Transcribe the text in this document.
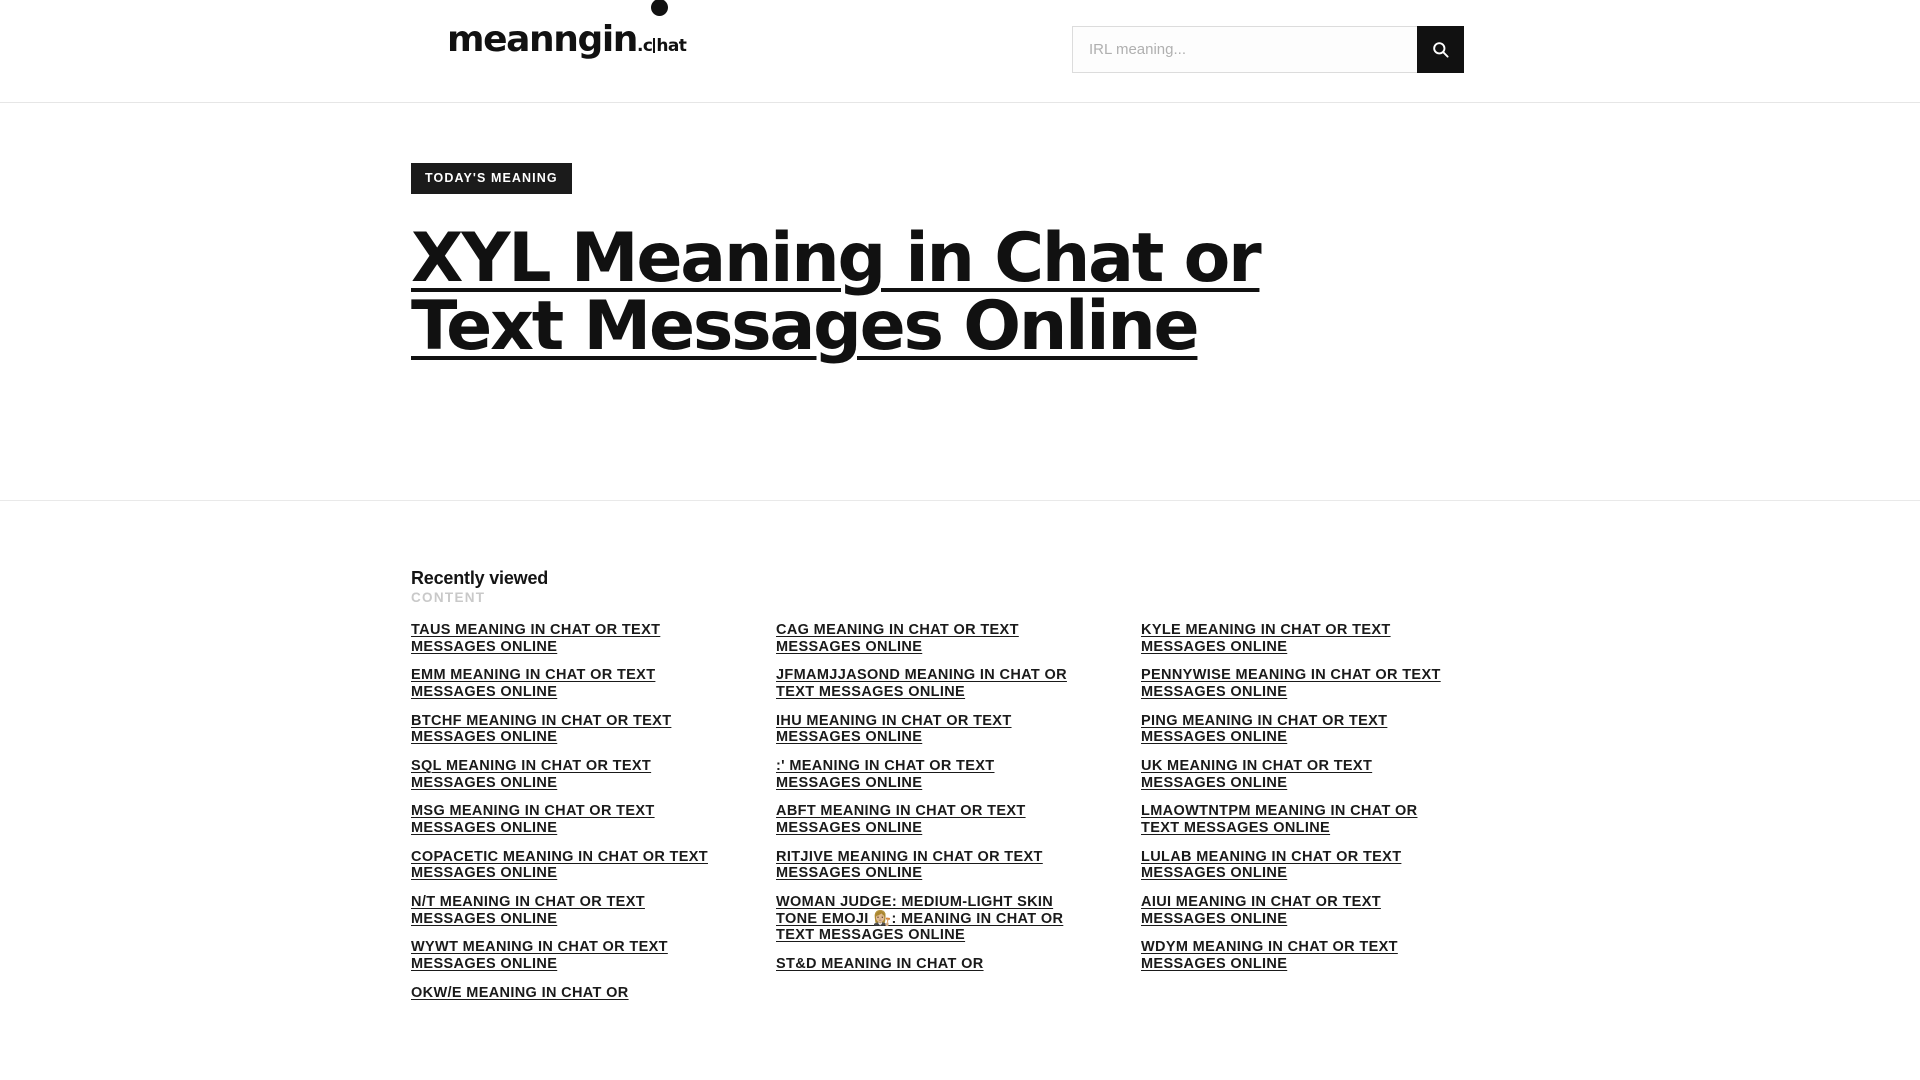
mean
ngin .c hat
IRL meaning...
TODAY'S MEANING
XYL Meaning in Chat or Text Messages Online
Recently viewed
CONTENT
TAUS MEANING IN CHAT OR TEXT MESSAGES ONLINE
EMM MEANING IN CHAT OR TEXT MESSAGES ONLINE
BTCHF MEANING IN CHAT OR TEXT MESSAGES ONLINE
SQL MEANING IN CHAT OR TEXT MESSAGES ONLINE
MSG MEANING IN CHAT OR TEXT MESSAGES ONLINE
COPACETIC MEANING IN CHAT OR TEXT MESSAGES ONLINE
N/T MEANING IN CHAT OR TEXT MESSAGES ONLINE
WYWT MEANING IN CHAT OR TEXT MESSAGES ONLINE
OKW/E MEANING IN CHAT OR
CAG MEANING IN CHAT OR TEXT MESSAGES ONLINE
JFMAMJJASOND MEANING IN CHAT OR TEXT MESSAGES ONLINE
IHU MEANING IN CHAT OR TEXT MESSAGES ONLINE
:' MEANING IN CHAT OR TEXT MESSAGES ONLINE
ABFT MEANING IN CHAT OR TEXT MESSAGES ONLINE
RITJIVE MEANING IN CHAT OR TEXT MESSAGES ONLINE
WOMAN JUDGE: MEDIUM-LIGHT SKIN TONE EMOJI 👩🏼‍⚖️: MEANING IN CHAT OR TEXT MESSAGES ONLINE
ST&D MEANING IN CHAT OR
KYLE MEANING IN CHAT OR TEXT MESSAGES ONLINE
PENNYWISE MEANING IN CHAT OR TEXT MESSAGES ONLINE
PING MEANING IN CHAT OR TEXT MESSAGES ONLINE
UK MEANING IN CHAT OR TEXT MESSAGES ONLINE
LMAOWTNTPM MEANING IN CHAT OR TEXT MESSAGES ONLINE
LULAB MEANING IN CHAT OR TEXT MESSAGES ONLINE
AIUI MEANING IN CHAT OR TEXT MESSAGES ONLINE
WDYM MEANING IN CHAT OR TEXT MESSAGES ONLINE
